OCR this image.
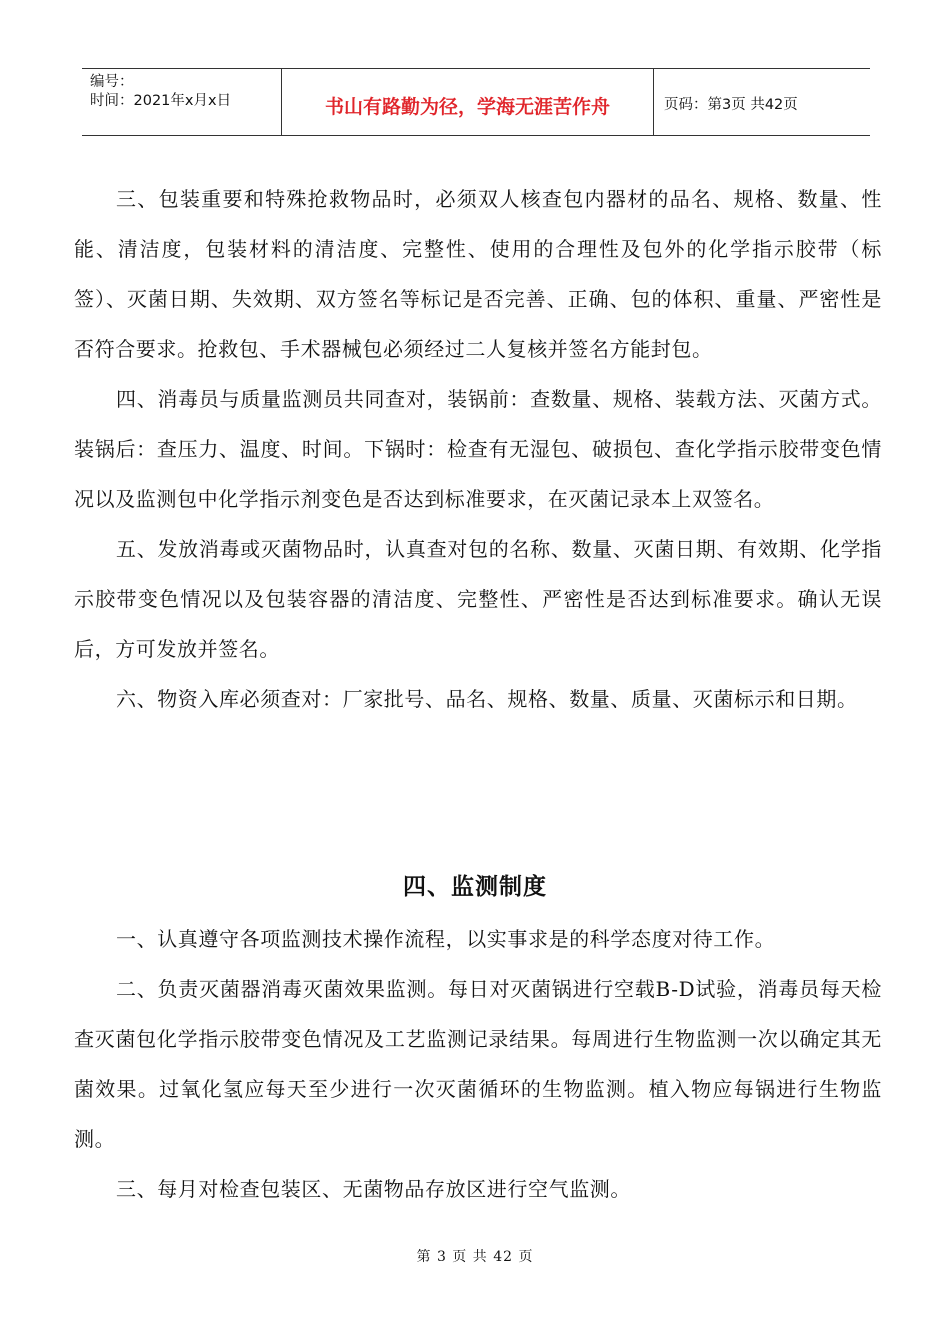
编号：
时间：2021年x月x日	书山有路勤为径，学海无涯苦作舟	页码：第3页 共42页

三、包装重要和特殊抢救物品时，必须双人核查包内器材的品名、规格、数量、性能、清洁度，包装材料的清洁度、完整性、使用的合理性及包外的化学指示胶带（标签）、灭菌日期、失效期、双方签名等标记是否完善、正确、包的体积、重量、严密性是否符合要求。抢救包、手术器械包必须经过二人复核并签名方能封包。

四、消毒员与质量监测员共同查对，装锅前：查数量、规格、装载方法、灭菌方式。装锅后：查压力、温度、时间。下锅时：检查有无湿包、破损包、查化学指示胶带变色情况以及监测包中化学指示剂变色是否达到标准要求，在灭菌记录本上双签名。

五、发放消毒或灭菌物品时，认真查对包的名称、数量、灭菌日期、有效期、化学指示胶带变色情况以及包装容器的清洁度、完整性、严密性是否达到标准要求。确认无误后，方可发放并签名。

六、物资入库必须查对：厂家批号、品名、规格、数量、质量、灭菌标示和日期。

四、监测制度

一、认真遵守各项监测技术操作流程，以实事求是的科学态度对待工作。

二、负责灭菌器消毒灭菌效果监测。每日对灭菌锅进行空载B-D试验，消毒员每天检查灭菌包化学指示胶带变色情况及工艺监测记录结果。每周进行生物监测一次以确定其无菌效果。过氧化氢应每天至少进行一次灭菌循环的生物监测。植入物应每锅进行生物监测。

三、每月对检查包装区、无菌物品存放区进行空气监测。

第 3 页 共 42 页
